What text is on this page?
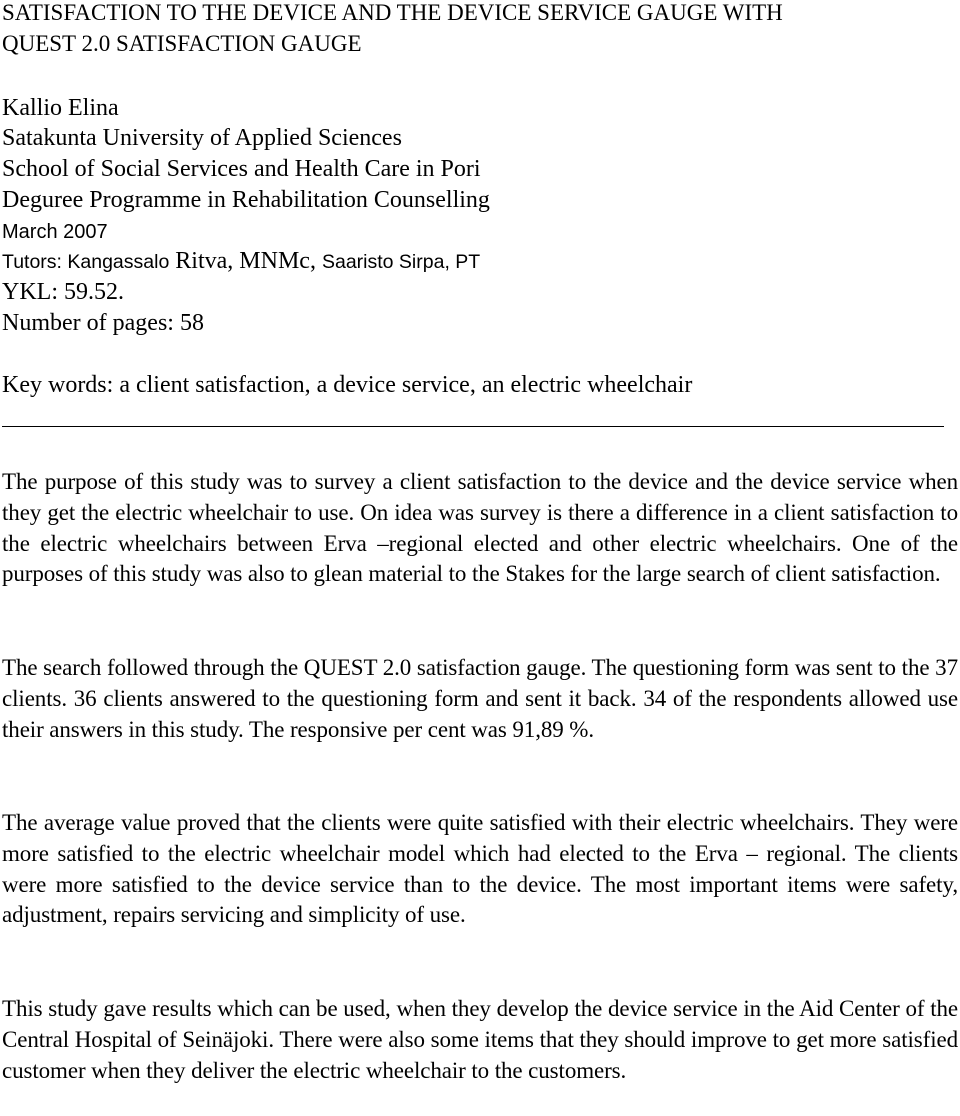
SATISFACTION TO THE DEVICE AND THE DEVICE SERVICE GAUGE WITH
QUEST 2.0 SATISFACTION GAUGE
Kallio Elina
Satakunta University of Applied Sciences
School of Social Services and Health Care in Pori
Deguree Programme in Rehabilitation Counselling
March 2007
Tutors: Kangassalo Ritva, MNMc, Saaristo Sirpa, PT
YKL: 59.52.
Number of pages: 58
Key words: a client satisfaction, a device service, an electric wheelchair

The purpose of this study was to survey a client satisfaction to the device and the device service when they get the electric wheelchair to use. On idea was survey is there a difference in a client satisfaction to the electric wheelchairs between Erva –regional elected and other electric wheelchairs. One of the purposes of this study was also to glean material to the Stakes for the large search of client satisfaction.

The search followed through the QUEST 2.0 satisfaction gauge. The questioning form was sent to the 37 clients. 36 clients answered to the questioning form and sent it back. 34 of the respondents allowed use their answers in this study. The responsive per cent was 91,89 %.

The average value proved that the clients were quite satisfied with their electric wheelchairs. They were more satisfied to the electric wheelchair model which had elected to the Erva – regional. The clients were more satisfied to the device service than to the device. The most important items were safety, adjustment, repairs servicing and simplicity of use.

This study gave results which can be used, when they develop the device service in the Aid Center of the Central Hospital of Seinäjoki. There were also some items that they should improve to get more satisfied customer when they deliver the electric wheelchair to the customers.
